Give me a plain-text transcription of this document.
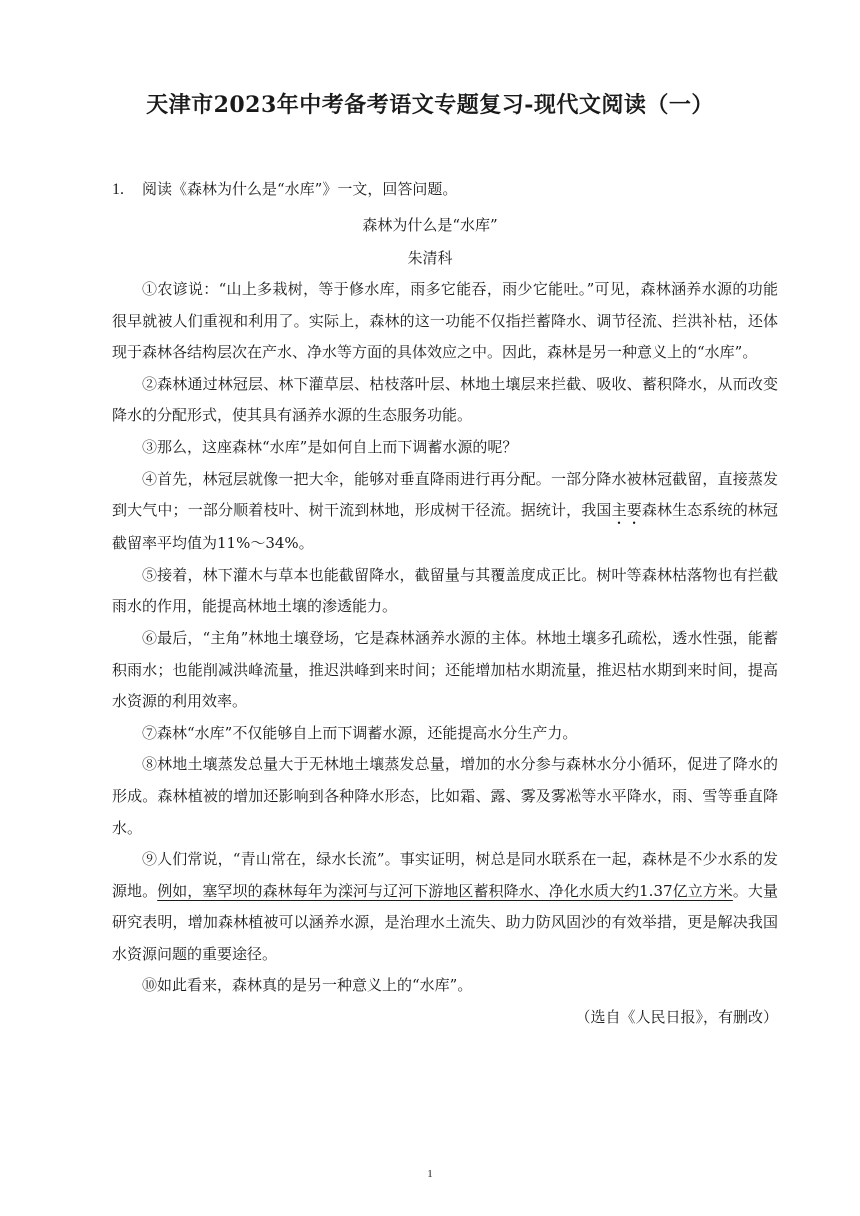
天津市2023年中考备考语文专题复习-现代文阅读（一）
1. 阅读《森林为什么是“水库”》一文，回答问题。
森林为什么是“水库”
朱清科

①农谚说：“山上多栽树，等于修水库，雨多它能吞，雨少它能吐。”可见，森林涵养水源的功能很早就被人们重视和利用了。实际上，森林的这一功能不仅指拦蓄降水、调节径流、拦洪补枯，还体现于森林各结构层次在产水、净水等方面的具体效应之中。因此，森林是另一种意义上的“水库”。

②森林通过林冠层、林下灌草层、枯枝落叶层、林地土壤层来拦截、吸收、蓄积降水，从而改变降水的分配形式，使其具有涵养水源的生态服务功能。

③那么，这座森林“水库”是如何自上而下调蓄水源的呢？

④首先，林冠层就像一把大伞，能够对垂直降雨进行再分配。一部分降水被林冠截留，直接蒸发到大气中；一部分顺着枝叶、树干流到林地，形成树干径流。据统计，我国主要森林生态系统的林冠截留率平均值为11%～34%。

⑤接着，林下灌木与草本也能截留降水，截留量与其覆盖度成正比。树叶等森林枯落物也有拦截雨水的作用，能提高林地土壤的渗透能力。

⑥最后，“主角”林地土壤登场，它是森林涵养水源的主体。林地土壤多孔疏松，透水性强，能蓄积雨水；也能削减洪峰流量，推迟洪峰到来时间；还能增加枯水期流量，推迟枯水期到来时间，提高水资源的利用效率。

⑦森林“水库”不仅能够自上而下调蓄水源，还能提高水分生产力。

⑧林地土壤蒸发总量大于无林地土壤蒸发总量，增加的水分参与森林水分小循环，促进了降水的形成。森林植被的增加还影响到各种降水形态，比如霜、露、雾及雾凇等水平降水，雨、雪等垂直降水。

⑨人们常说，“青山常在，绿水长流”。事实证明，树总是同水联系在一起，森林是不少水系的发源地。例如，塞罕坝的森林每年为滦河与辽河下游地区蓄积降水、净化水质大约1.37亿立方米。大量研究表明，增加森林植被可以涵养水源，是治理水土流失、助力防风固沙的有效举措，更是解决我国水资源问题的重要途径。

⑩如此看来，森林真的是另一种意义上的“水库”。

（选自《人民日报》，有删改）

1
